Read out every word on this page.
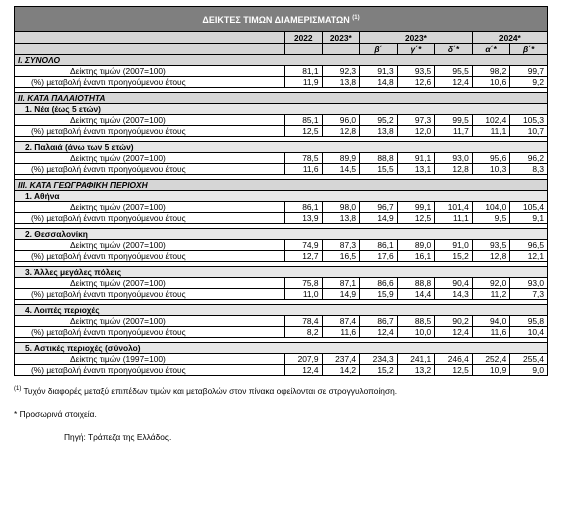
ΔΕΙΚΤΕΣ ΤΙΜΩΝ ΔΙΑΜΕΡΙΣΜΑΤΩΝ $^{(1)}$
	2022	2023*	2023*			2024*	
			β΄	γ΄*	δ΄*	α΄*	β΄*
I. ΣΥΝΟΛΟ							
Δείκτης τιμών (2007=100)	81,1	92,3	91,3	93,5	95,5	98,2	99,7
(%) μεταβολή έναντι προηγούμενου έτους	11,9	13,8	14,8	12,6	12,4	10,6	9,2

II. ΚΑΤΑ ΠΑΛΑΙΟΤΗΤΑ							
1. Νέα (έως 5 ετών)							
Δείκτης τιμών (2007=100)	85,1	96,0	95,2	97,3	99,5	102,4	105,3
(%) μεταβολή έναντι προηγούμενου έτους	12,5	12,8	13,8	12,0	11,7	11,1	10,7

2. Παλαιά (άνω των 5 ετών)							
Δείκτης τιμών (2007=100)	78,5	89,9	88,8	91,1	93,0	95,6	96,2
(%) μεταβολή έναντι προηγούμενου έτους	11,6	14,5	15,5	13,1	12,8	10,3	8,3

III. ΚΑΤΑ ΓΕΩΓΡΑΦΙΚΗ ΠΕΡΙΟΧΗ							
1. Αθήνα							
Δείκτης τιμών (2007=100)	86,1	98,0	96,7	99,1	101,4	104,0	105,4
(%) μεταβολή έναντι προηγούμενου έτους	13,9	13,8	14,9	12,5	11,1	9,5	9,1

2. Θεσσαλονίκη							
Δείκτης τιμών (2007=100)	74,9	87,3	86,1	89,0	91,0	93,5	96,5
(%) μεταβολή έναντι προηγούμενου έτους	12,7	16,5	17,6	16,1	15,2	12,8	12,1

3. Άλλες μεγάλες πόλεις							
Δείκτης τιμών (2007=100)	75,8	87,1	86,6	88,8	90,4	92,0	93,0
(%) μεταβολή έναντι προηγούμενου έτους	11,0	14,9	15,9	14,4	14,3	11,2	7,3

4. Λοιπές περιοχές							
Δείκτης τιμών (2007=100)	78,4	87,4	86,7	88,5	90,2	94,0	95,8
(%) μεταβολή έναντι προηγούμενου έτους	8,2	11,6	12,4	10,0	12,4	11,6	10,4

5. Αστικές περιοχές (σύνολο)							
Δείκτης τιμών (1997=100)	207,9	237,4	234,3	241,1	246,4	252,4	255,4
(%) μεταβολή έναντι προηγούμενου έτους	12,4	14,2	15,2	13,2	12,5	10,9	9,0

$^{(1)}$ Τυχόν διαφορές μεταξύ επιπέδων τιμών και μεταβολών στον πίνακα οφείλονται σε στρογγυλοποίηση.

* Προσωρινά στοιχεία.

Πηγή: Τράπεζα της Ελλάδος.
